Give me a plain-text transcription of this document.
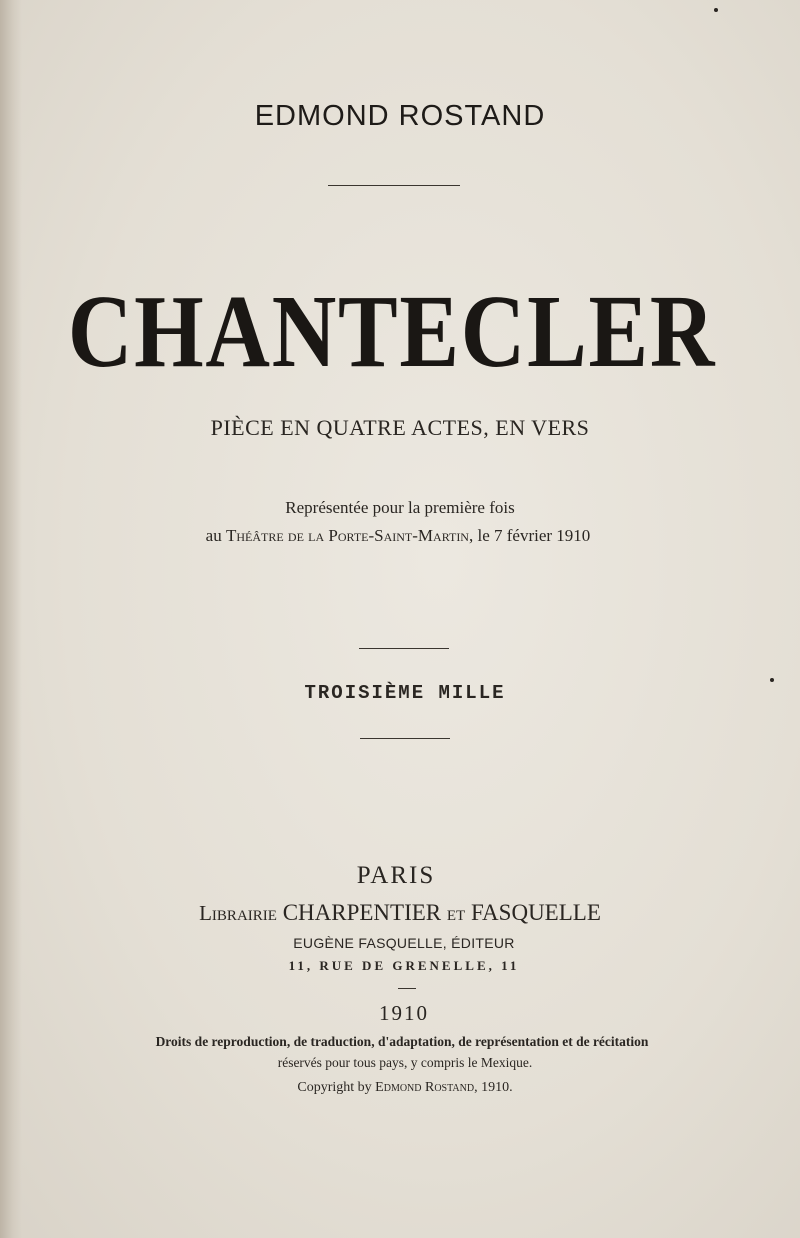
EDMOND ROSTAND
CHANTECLER
PIÈCE EN QUATRE ACTES, EN VERS
Représentée pour la première fois
au Théâtre de la Porte-Saint-Martin, le 7 février 1910
TROISIÈME MILLE
PARIS
Librairie CHARPENTIER et FASQUELLE
EUGÈNE FASQUELLE, ÉDITEUR
11, RUE DE GRENELLE, 11
1910
Droits de reproduction, de traduction, d'adaptation, de représentation et de récitation
réservés pour tous pays, y compris le Mexique.
Copyright by Edmond Rostand, 1910.
